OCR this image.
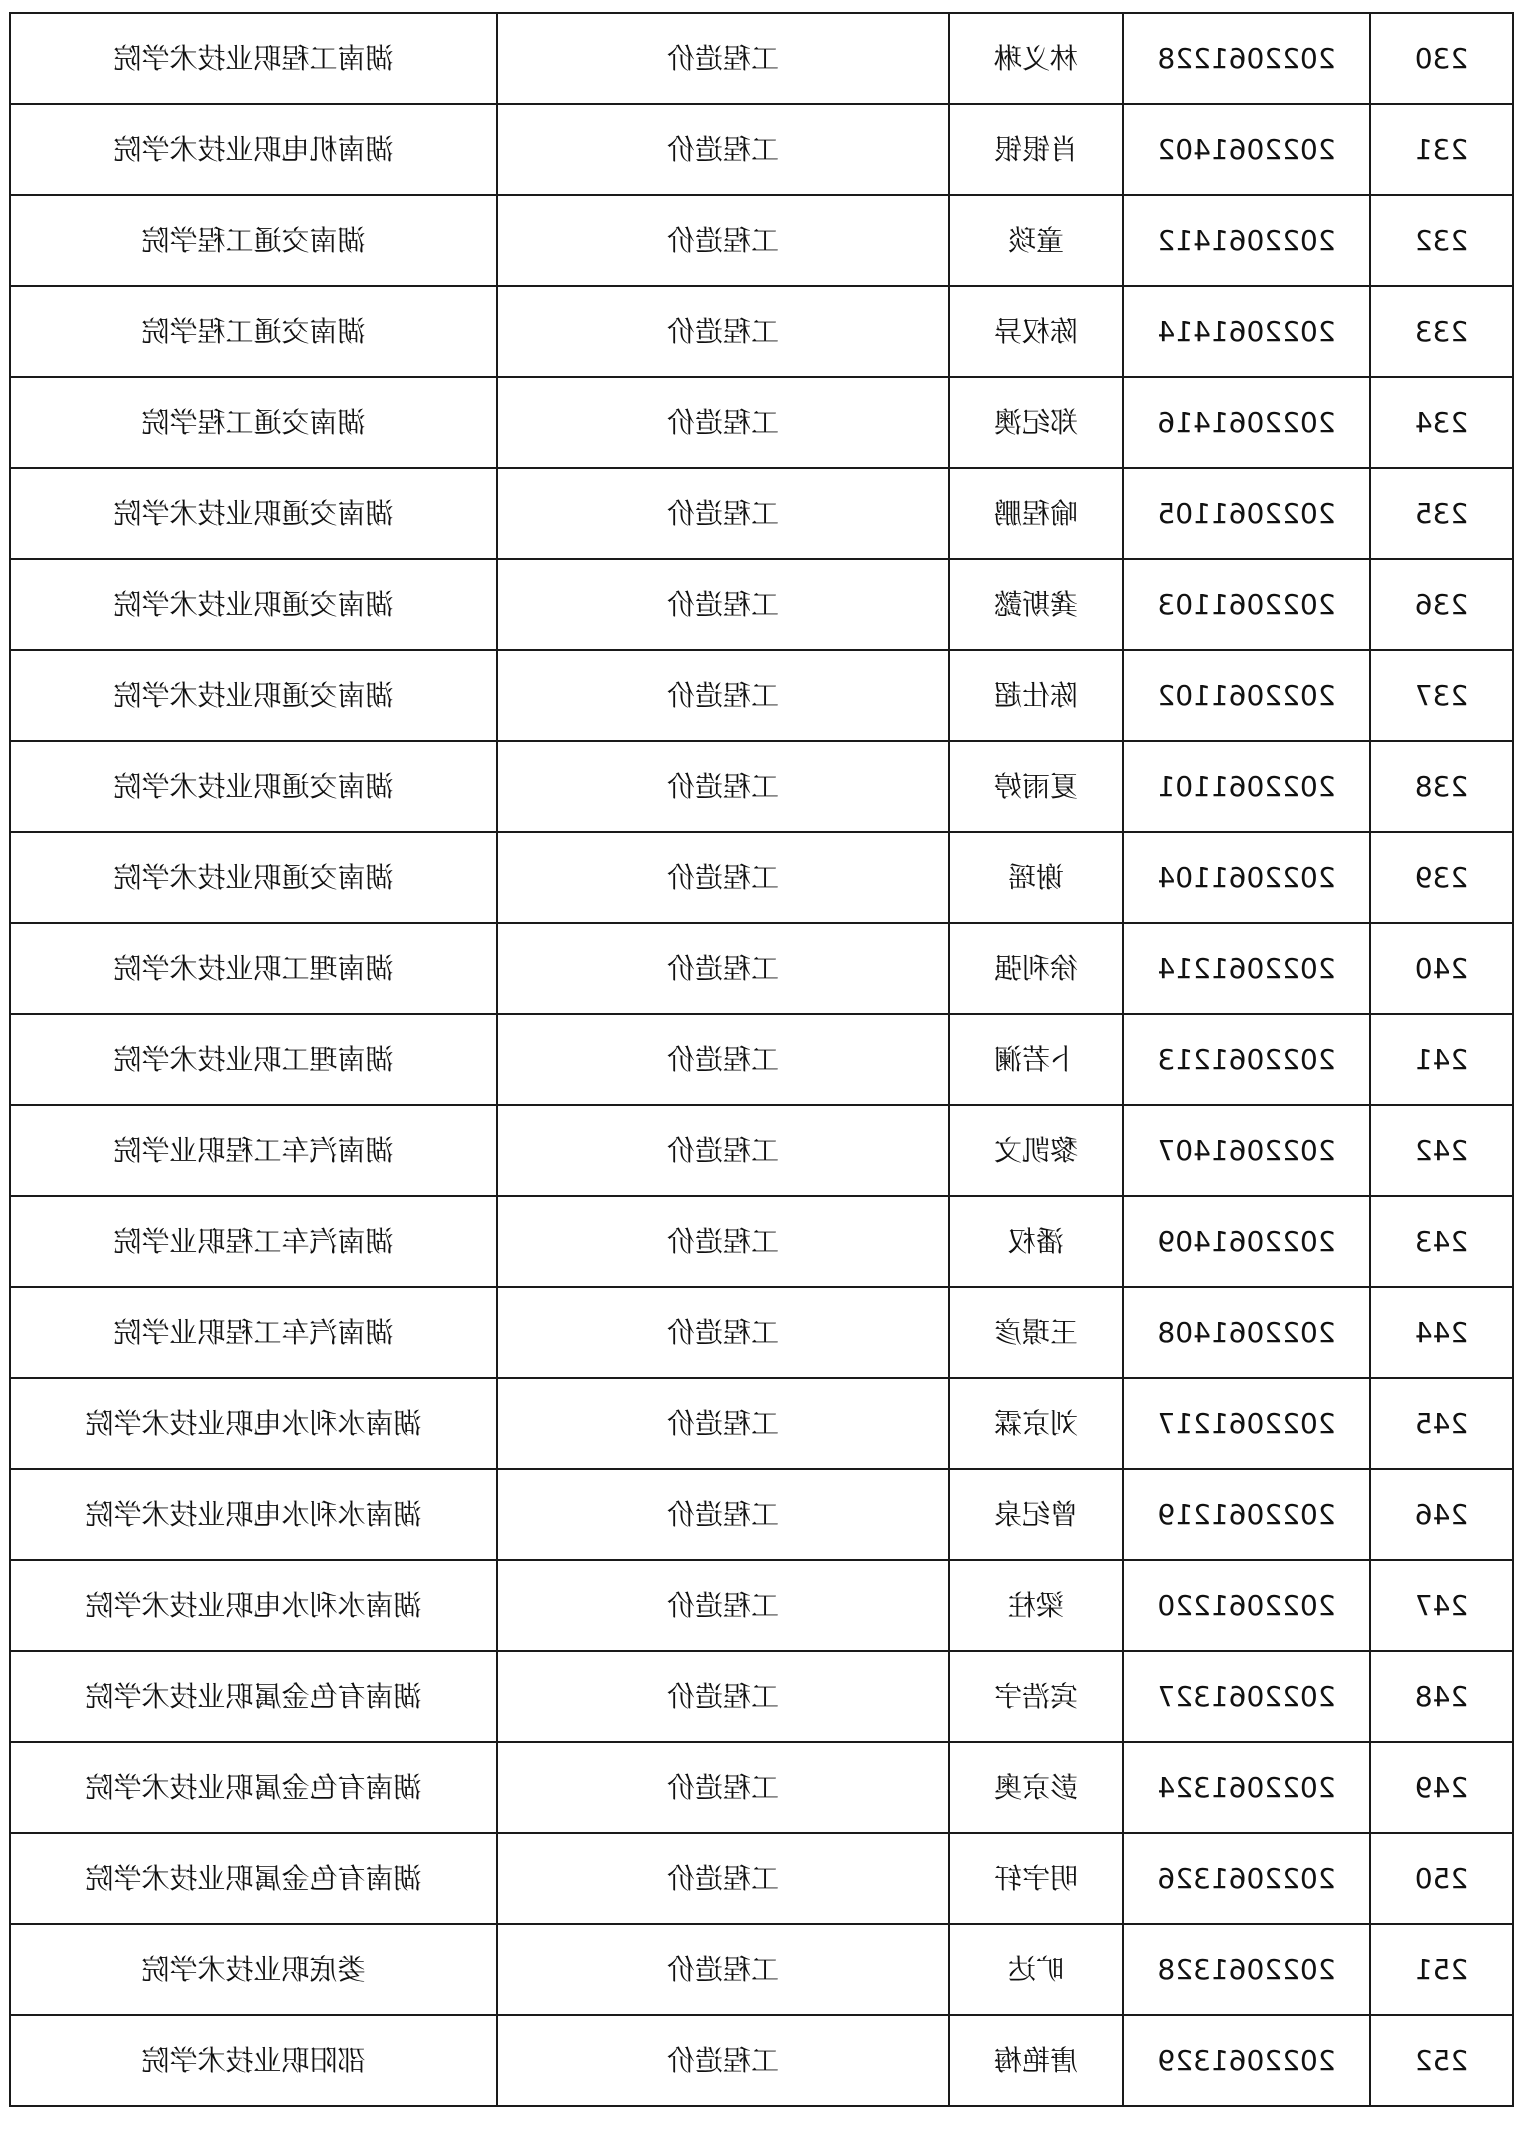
230	2022061228	林义琳	工程造价	湖南工程职业技术学院
231	2022061402	肖银银	工程造价	湖南机电职业技术学院
232	2022061412	童琰	工程造价	湖南交通工程学院
233	2022061414	陈权异	工程造价	湖南交通工程学院
234	2022061416	郑纪澳	工程造价	湖南交通工程学院
235	2022061105	喻程鹏	工程造价	湖南交通职业技术学院
236	2022061103	龚斯懿	工程造价	湖南交通职业技术学院
237	2022061102	陈仕超	工程造价	湖南交通职业技术学院
238	2022061101	夏雨婷	工程造价	湖南交通职业技术学院
239	2022061104	谢瑶	工程造价	湖南交通职业技术学院
240	2022061214	徐利强	工程造价	湖南理工职业技术学院
241	2022061213	卜若澜	工程造价	湖南理工职业技术学院
242	2022061407	黎凯文	工程造价	湖南汽车工程职业学院
243	2022061409	潘权	工程造价	湖南汽车工程职业学院
244	2022061408	王璟彦	工程造价	湖南汽车工程职业学院
245	2022061217	刘京霖	工程造价	湖南水利水电职业技术学院
246	2022061219	曾纪泉	工程造价	湖南水利水电职业技术学院
247	2022061220	梁柱	工程造价	湖南水利水电职业技术学院
248	2022061327	宾浩宇	工程造价	湖南有色金属职业技术学院
249	2022061324	彭京奥	工程造价	湖南有色金属职业技术学院
250	2022061326	明宇轩	工程造价	湖南有色金属职业技术学院
251	2022061328	旷达	工程造价	娄底职业技术学院
252	2022061329	唐艳梅	工程造价	邵阳职业技术学院
